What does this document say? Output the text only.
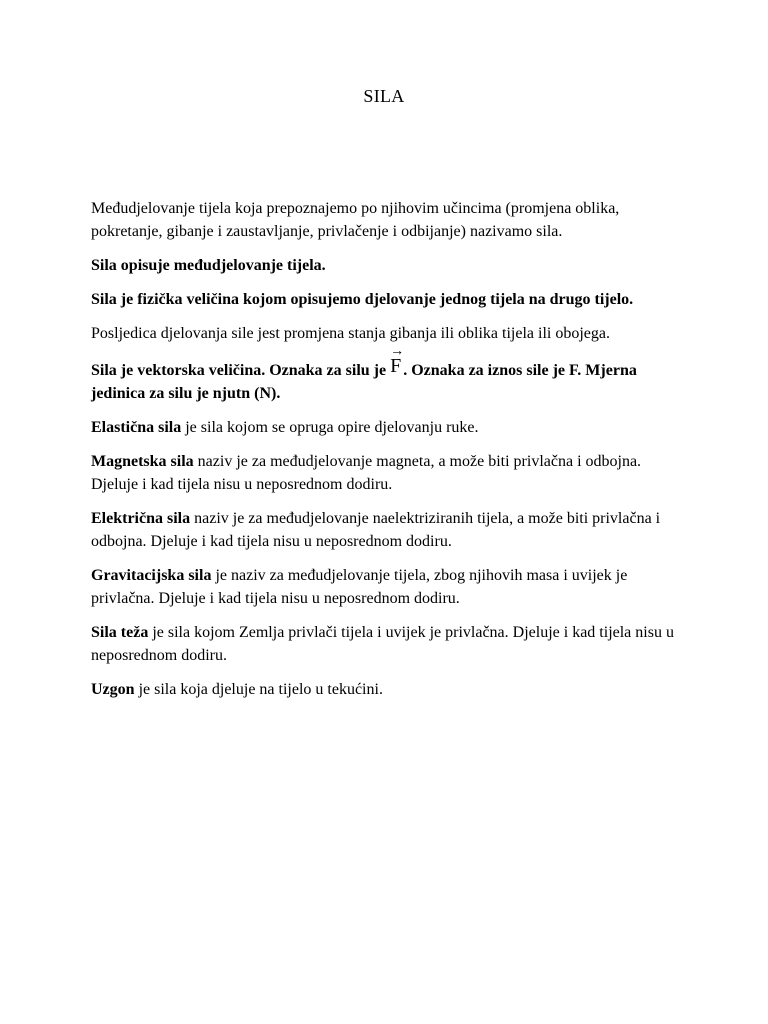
SILA

Međudjelovanje tijela koja prepoznajemo po njihovim učincima (promjena oblika, pokretanje, gibanje i zaustavljanje, privlačenje i odbijanje) nazivamo sila.

Sila opisuje međudjelovanje tijela.

Sila je fizička veličina kojom opisujemo djelovanje jednog tijela na drugo tijelo.

Posljedica djelovanja sile jest promjena stanja gibanja ili oblika tijela ili obojega.

Sila je vektorska veličina. Oznaka za silu je
→
F . Oznaka za iznos sile je F. Mjerna jedinica za silu je njutn (N).

Elastična sila je sila kojom se opruga opire djelovanju ruke.

Magnetska sila naziv je za međudjelovanje magneta, a može biti privlačna i odbojna. Djeluje i kad tijela nisu u neposrednom dodiru.

Električna sila naziv je za međudjelovanje naelektriziranih tijela, a može biti privlačna i odbojna. Djeluje i kad tijela nisu u neposrednom dodiru.

Gravitacijska sila je naziv za međudjelovanje tijela, zbog njihovih masa i uvijek je privlačna. Djeluje i kad tijela nisu u neposrednom dodiru.

Sila teža je sila kojom Zemlja privlači tijela i uvijek je privlačna. Djeluje i kad tijela nisu u neposrednom dodiru.

Uzgon je sila koja djeluje na tijelo u tekućini.
